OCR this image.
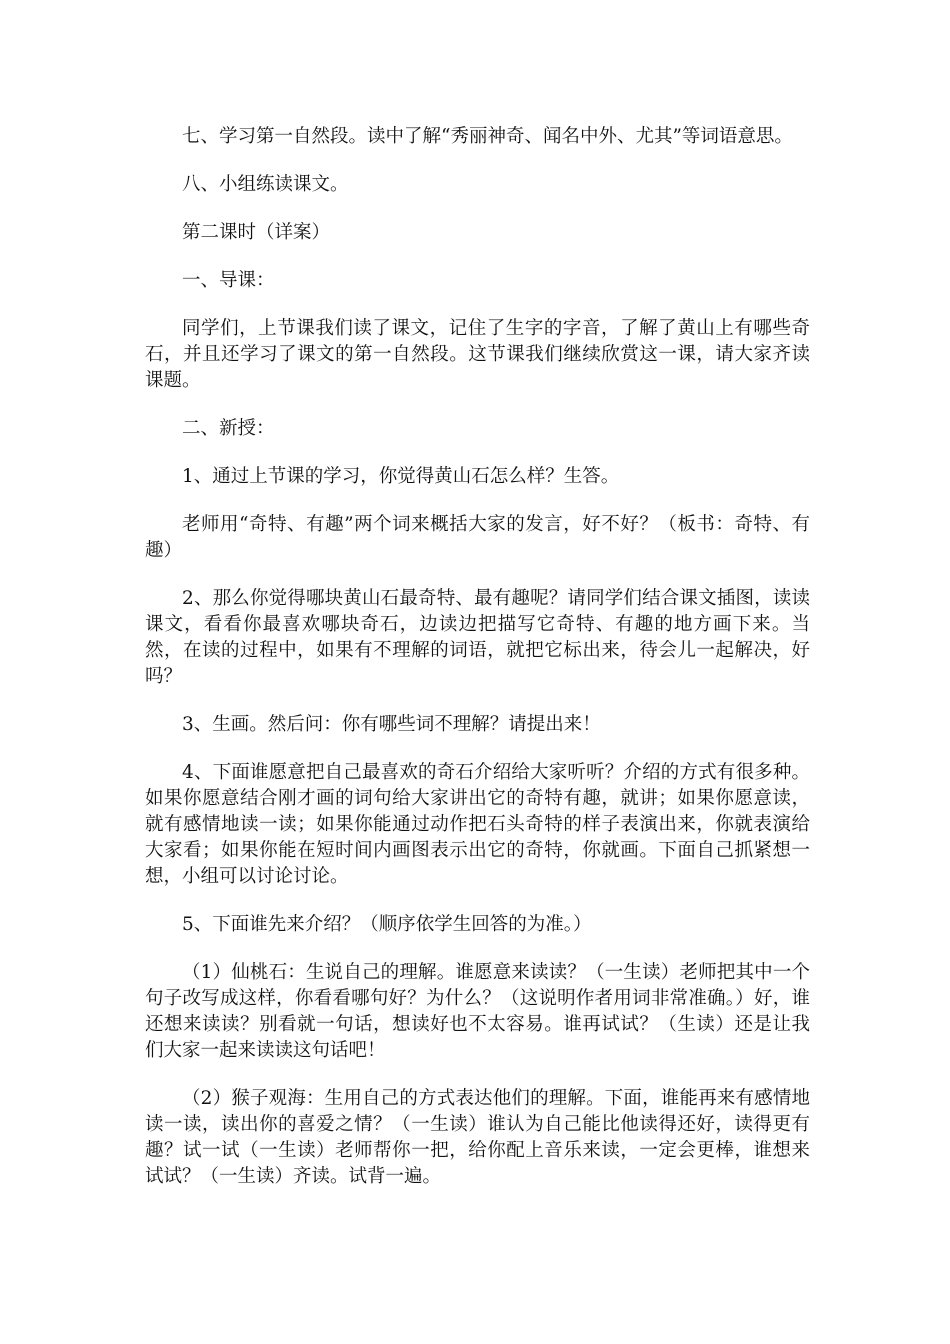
七、学习第一自然段。读中了解“秀丽神奇、闻名中外、尤其”等词语意思。

八、小组练读课文。

第二课时（详案）

一、导课：

同学们，上节课我们读了课文，记住了生字的字音，了解了黄山上有哪些奇石，并且还学习了课文的第一自然段。这节课我们继续欣赏这一课，请大家齐读课题。

二、新授：

1、通过上节课的学习，你觉得黄山石怎么样？生答。

老师用“奇特、有趣”两个词来概括大家的发言，好不好？（板书：奇特、有趣）

2、那么你觉得哪块黄山石最奇特、最有趣呢？请同学们结合课文插图，读读课文，看看你最喜欢哪块奇石，边读边把描写它奇特、有趣的地方画下来。当然，在读的过程中，如果有不理解的词语，就把它标出来，待会儿一起解决，好吗？

3、生画。然后问：你有哪些词不理解？请提出来！

4、下面谁愿意把自己最喜欢的奇石介绍给大家听听？介绍的方式有很多种。如果你愿意结合刚才画的词句给大家讲出它的奇特有趣，就讲；如果你愿意读，就有感情地读一读；如果你能通过动作把石头奇特的样子表演出来，你就表演给大家看；如果你能在短时间内画图表示出它的奇特，你就画。下面自己抓紧想一想，小组可以讨论讨论。

5、下面谁先来介绍？（顺序依学生回答的为准。）

（1）仙桃石：生说自己的理解。谁愿意来读读？（一生读）老师把其中一个句子改写成这样，你看看哪句好？为什么？（这说明作者用词非常准确。）好，谁还想来读读？别看就一句话，想读好也不太容易。谁再试试？（生读）还是让我们大家一起来读读这句话吧！

（2）猴子观海：生用自己的方式表达他们的理解。下面，谁能再来有感情地读一读，读出你的喜爱之情？（一生读）谁认为自己能比他读得还好，读得更有趣？试一试（一生读）老师帮你一把，给你配上音乐来读，一定会更棒，谁想来试试？（一生读）齐读。试背一遍。
